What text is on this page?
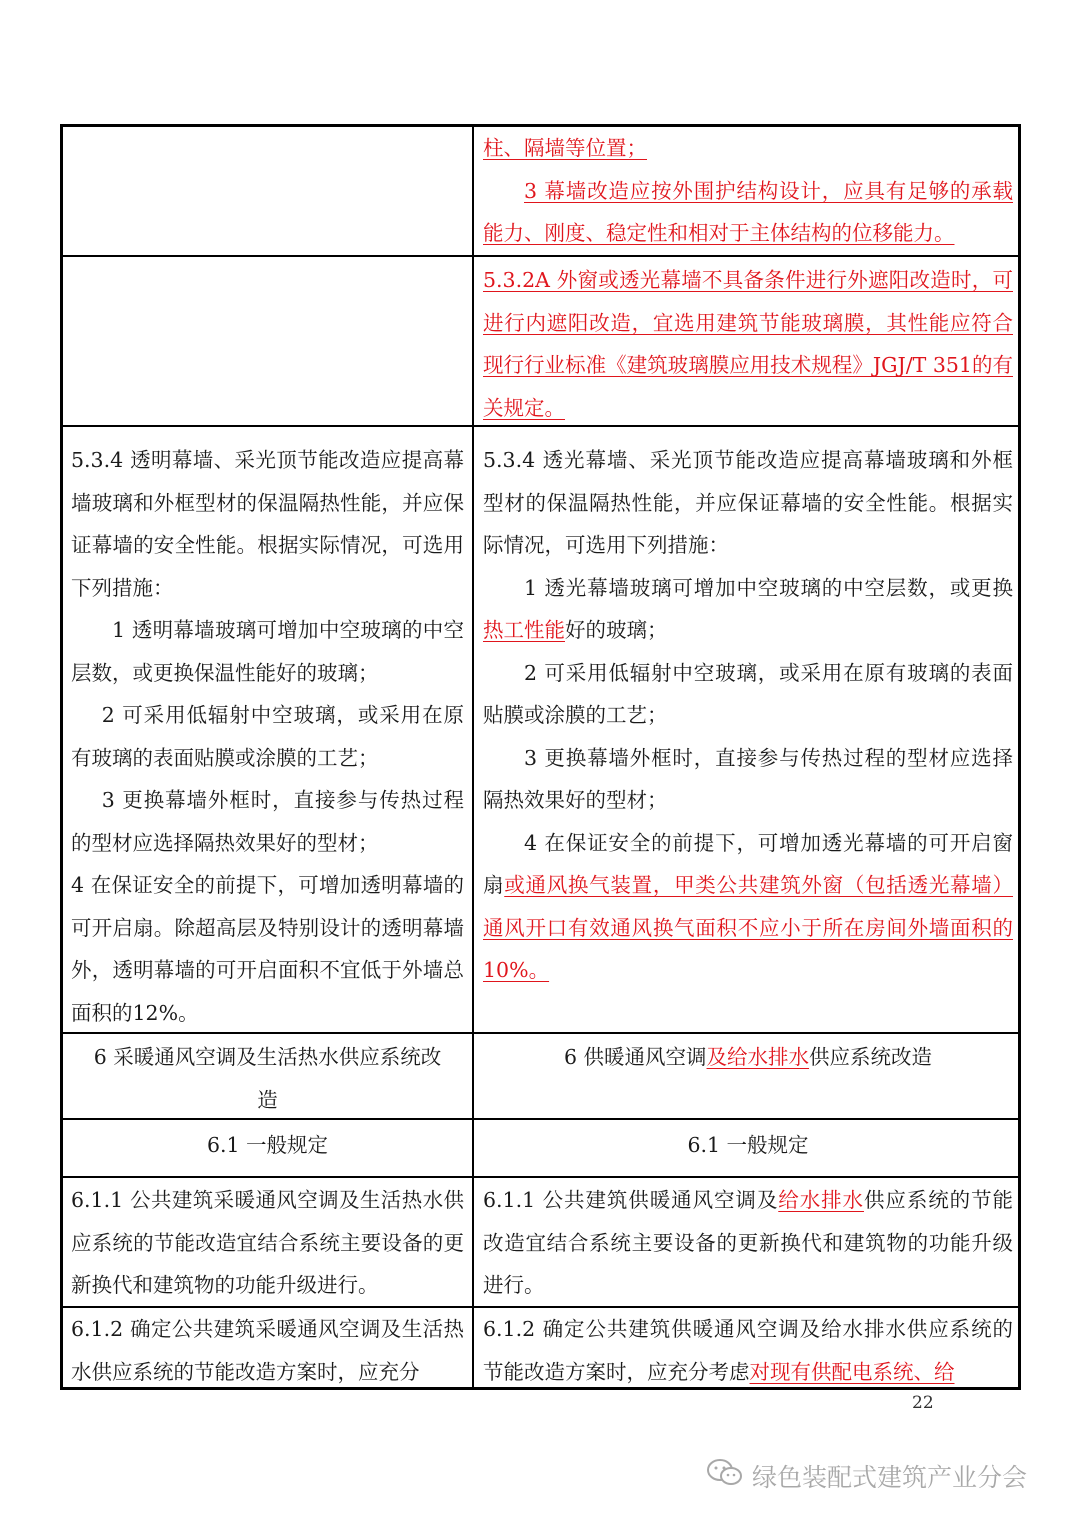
柱、隔墙等位置；

3 幕墙改造应按外围护结构设计，应具有足够的承载能力、刚度、稳定性和相对于主体结构的位移能力。

5.3.2A 外窗或透光幕墙不具备条件进行外遮阳改造时，可进行内遮阳改造，宜选用建筑节能玻璃膜，其性能应符合现行行业标准《建筑玻璃膜应用技术规程》JGJ/T 351的有关规定。

5.3.4 透明幕墙、采光顶节能改造应提高幕墙玻璃和外框型材的保温隔热性能，并应保证幕墙的安全性能。根据实际情况，可选用下列措施：

1 透明幕墙玻璃可增加中空玻璃的中空层数，或更换保温性能好的玻璃；

2 可采用低辐射中空玻璃，或采用在原有玻璃的表面贴膜或涂膜的工艺；

3 更换幕墙外框时，直接参与传热过程的型材应选择隔热效果好的型材；

4 在保证安全的前提下，可增加透明幕墙的可开启扇。除超高层及特别设计的透明幕墙外，透明幕墙的可开启面积不宜低于外墙总面积的12%。

5.3.4 透光幕墙、采光顶节能改造应提高幕墙玻璃和外框型材的保温隔热性能，并应保证幕墙的安全性能。根据实际情况，可选用下列措施：

1 透光幕墙玻璃可增加中空玻璃的中空层数，或更换热工性能好的玻璃；

2 可采用低辐射中空玻璃，或采用在原有玻璃的表面贴膜或涂膜的工艺；

3 更换幕墙外框时，直接参与传热过程的型材应选择隔热效果好的型材；

4 在保证安全的前提下，可增加透光幕墙的可开启窗扇或通风换气装置，甲类公共建筑外窗（包括透光幕墙）通风开口有效通风换气面积不应小于所在房间外墙面积的 10%。

6 采暖通风空调及生活热水供应系统改造

6 供暖通风空调及给水排水供应系统改造

6.1 一般规定	6.1 一般规定

6.1.1 公共建筑采暖通风空调及生活热水供应系统的节能改造宜结合系统主要设备的更新换代和建筑物的功能升级进行。

6.1.1 公共建筑供暖通风空调及给水排水供应系统的节能改造宜结合系统主要设备的更新换代和建筑物的功能升级进行。

6.1.2 确定公共建筑采暖通风空调及生活热水供应系统的节能改造方案时，应充分

6.1.2 确定公共建筑供暖通风空调及给水排水供应系统的节能改造方案时，应充分考虑对现有供配电系统、给

22
绿色装配式建筑产业分会
